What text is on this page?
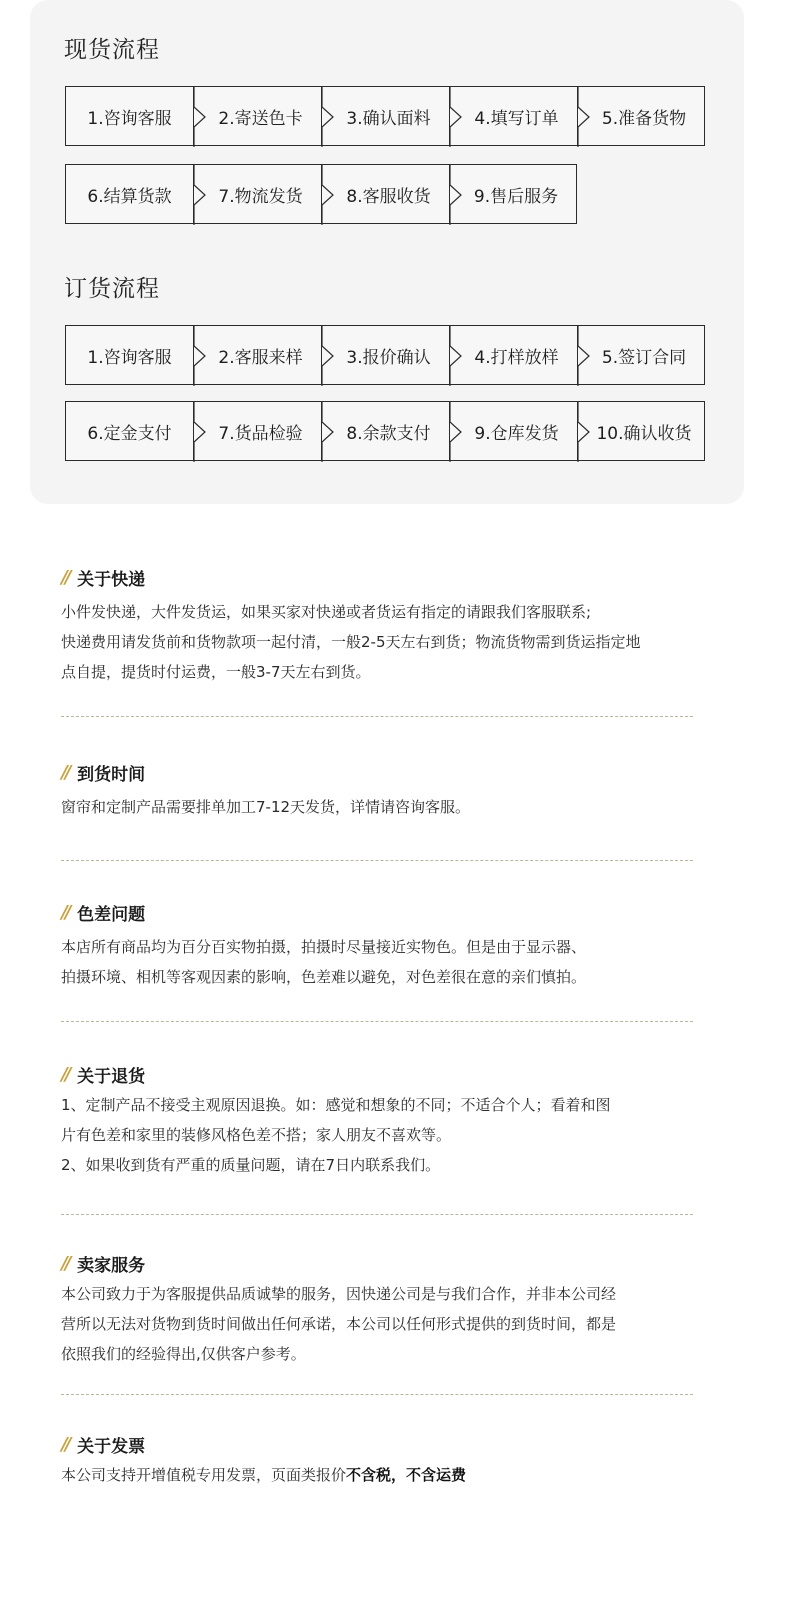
现货流程
1.咨询客服	2.寄送色卡	3.确认面料	4.填写订单	5.准备货物
6.结算货款	7.物流发货	8.客服收货	9.售后服务
订货流程
1.咨询客服	2.客服来样	3.报价确认	4.打样放样	5.签订合同
6.定金支付	7.货品检验	8.余款支付	9.仓库发货	10.确认收货
// 关于快递
小件发快递，大件发货运，如果买家对快递或者货运有指定的请跟我们客服联系;
快递费用请发货前和货物款项一起付清，一般2-5天左右到货；物流货物需到货运指定地
点自提，提货时付运费，一般3-7天左右到货。
// 到货时间
窗帘和定制产品需要排单加工7-12天发货，详情请咨询客服。
// 色差问题
本店所有商品均为百分百实物拍摄，拍摄时尽量接近实物色。但是由于显示器、
拍摄环境、相机等客观因素的影响，色差难以避免，对色差很在意的亲们慎拍。
// 关于退货
1、定制产品不接受主观原因退换。如：感觉和想象的不同；不适合个人；看着和图
片有色差和家里的装修风格色差不搭；家人朋友不喜欢等。
2、如果收到货有严重的质量问题，请在7日内联系我们。
// 卖家服务
本公司致力于为客服提供品质诚挚的服务，因快递公司是与我们合作，并非本公司经
营所以无法对货物到货时间做出任何承诺，本公司以任何形式提供的到货时间，都是
依照我们的经验得出,仅供客户参考。
// 关于发票
本公司支持开增值税专用发票，页面类报价不含税，不含运费
